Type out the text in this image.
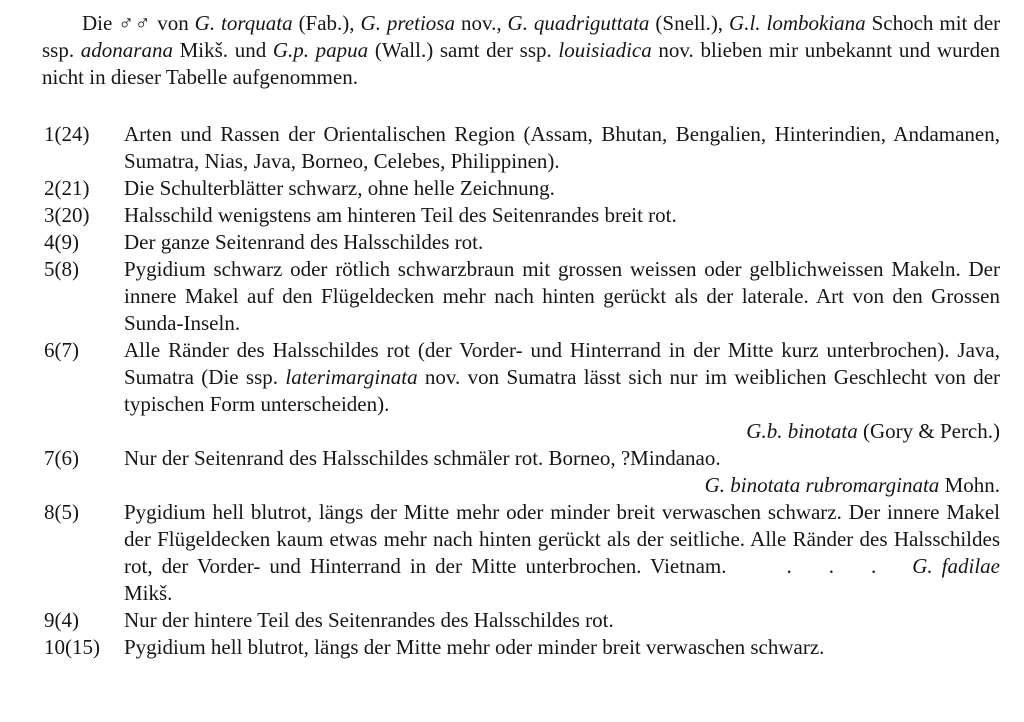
Die ♂♂ von G. torquata (Fab.), G. pretiosa nov., G. quadriguttata (Snell.), G.l. lombokiana Schoch mit der ssp. adonarana Mikš. und G.p. papua (Wall.) samt der ssp. louisiadica nov. blieben mir unbekannt und wurden nicht in dieser Tabelle aufgenommen.
1(24)	Arten und Rassen der Orientalischen Region (Assam, Bhutan, Bengalien, Hinterindien, Andamanen, Sumatra, Nias, Java, Borneo, Celebes, Philippinen).
2(21)	Die Schulterblätter schwarz, ohne helle Zeichnung.
3(20)	Halsschild wenigstens am hinteren Teil des Seitenrandes breit rot.
4(9)	Der ganze Seitenrand des Halsschildes rot.
5(8)	Pygidium schwarz oder rötlich schwarzbraun mit grossen weissen oder gelblichweissen Makeln. Der innere Makel auf den Flügeldecken mehr nach hinten gerückt als der laterale. Art von den Grossen Sunda-Inseln.
6(7)	Alle Ränder des Halsschildes rot (der Vorder- und Hinterrand in der Mitte kurz unterbrochen). Java, Sumatra (Die ssp. laterimarginata nov. von Sumatra lässt sich nur im weiblichen Geschlecht von der typischen Form unterscheiden).
G.b. binotata (Gory & Perch.)
7(6)	Nur der Seitenrand des Halsschildes schmäler rot. Borneo, ?Mindanao.
G. binotata rubromarginata Mohn.
8(5)	Pygidium hell blutrot, längs der Mitte mehr oder minder breit verwaschen schwarz. Der innere Makel der Flügeldecken kaum etwas mehr nach hinten gerückt als der seitliche. Alle Ränder des Halsschildes rot, der Vorder- und Hinterrand in der Mitte unterbrochen. Vietnam.	. . . G. fadilae Mikš.
9(4)	Nur der hintere Teil des Seitenrandes des Halsschildes rot.
10(15)	Pygidium hell blutrot, längs der Mitte mehr oder minder breit verwaschen schwarz.
